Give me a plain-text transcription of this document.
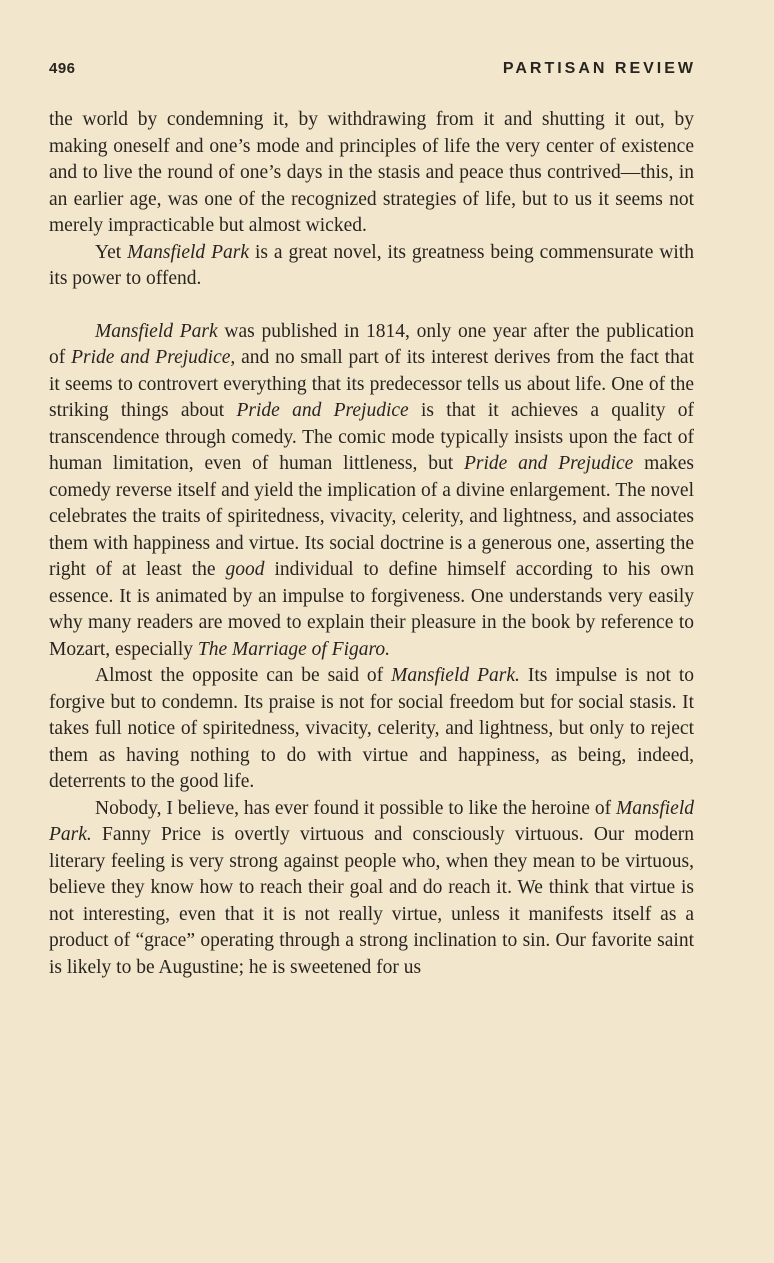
496	PARTISAN REVIEW

the world by condemning it, by withdrawing from it and shutting it out, by making oneself and one’s mode and principles of life the very center of existence and to live the round of one’s days in the stasis and peace thus contrived—this, in an earlier age, was one of the recognized strategies of life, but to us it seems not merely impracticable but almost wicked.

Yet Mansfield Park is a great novel, its greatness being commensurate with its power to offend.

Mansfield Park was published in 1814, only one year after the publication of Pride and Prejudice, and no small part of its interest derives from the fact that it seems to controvert everything that its predecessor tells us about life. One of the striking things about Pride and Prejudice is that it achieves a quality of transcendence through comedy. The comic mode typically insists upon the fact of human limitation, even of human littleness, but Pride and Prejudice makes comedy reverse itself and yield the implication of a divine enlargement. The novel celebrates the traits of spiritedness, vivacity, celerity, and lightness, and associates them with happiness and virtue. Its social doctrine is a generous one, asserting the right of at least the good individual to define himself according to his own essence. It is animated by an impulse to forgiveness. One understands very easily why many readers are moved to explain their pleasure in the book by reference to Mozart, especially The Marriage of Figaro.

Almost the opposite can be said of Mansfield Park. Its impulse is not to forgive but to condemn. Its praise is not for social freedom but for social stasis. It takes full notice of spiritedness, vivacity, celerity, and lightness, but only to reject them as having nothing to do with virtue and happiness, as being, indeed, deterrents to the good life.

Nobody, I believe, has ever found it possible to like the heroine of Mansfield Park. Fanny Price is overtly virtuous and consciously virtuous. Our modern literary feeling is very strong against people who, when they mean to be virtuous, believe they know how to reach their goal and do reach it. We think that virtue is not interesting, even that it is not really virtue, unless it manifests itself as a product of “grace” operating through a strong inclination to sin. Our favorite saint is likely to be Augustine; he is sweetened for us
